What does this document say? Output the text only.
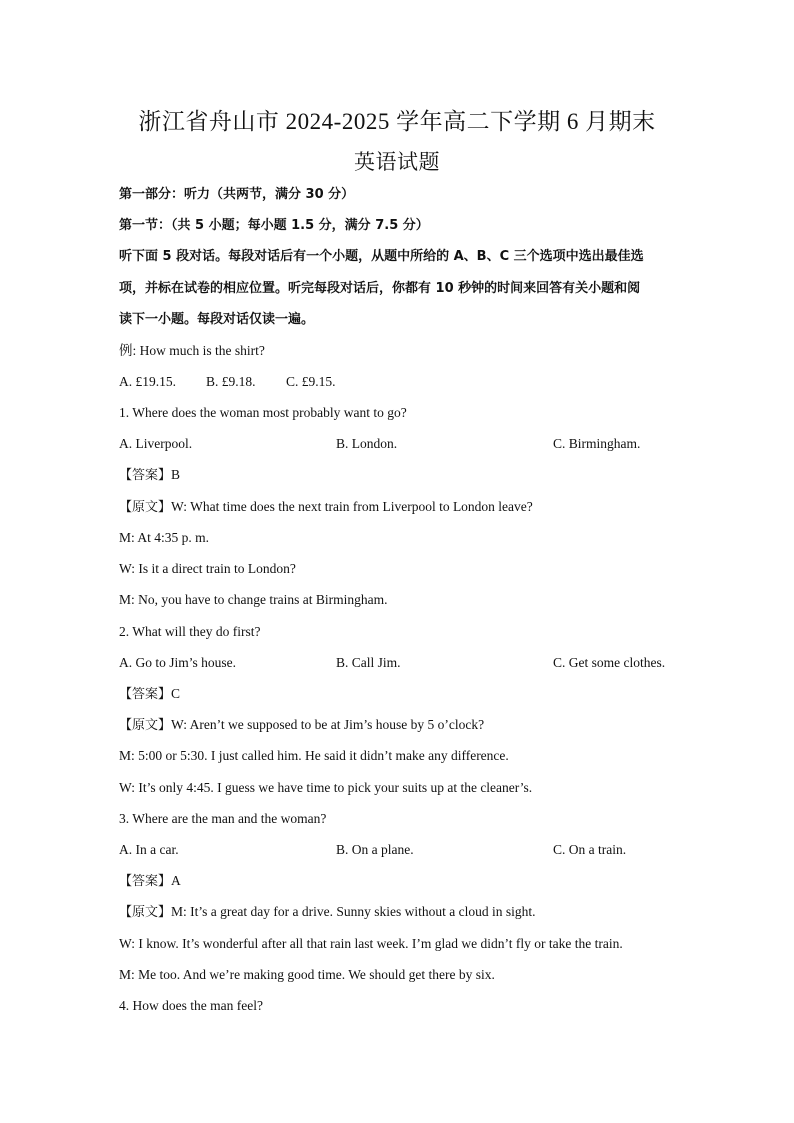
浙江省舟山市 2024-2025 学年高二下学期 6 月期末
英语试题
第一部分：听力（共两节，满分 30 分）
第一节：（共 5 小题；每小题 1.5 分，满分 7.5 分）
听下面 5 段对话。每段对话后有一个小题，从题中所给的 A、B、C 三个选项中选出最佳选
项，并标在试卷的相应位置。听完每段对话后，你都有 10 秒钟的时间来回答有关小题和阅
读下一小题。每段对话仅读一遍。
例: How much is the shirt?
A. £19.15. B. £9.18. C. £9.15.
1. Where does the woman most probably want to go?
A. Liverpool.	B. London.	C. Birmingham.
【答案】B
【原文】W: What time does the next train from Liverpool to London leave?
M: At 4:35 p. m.
W: Is it a direct train to London?
M: No, you have to change trains at Birmingham.
2. What will they do first?
A. Go to Jim’s house.	B. Call Jim.	C. Get some clothes.
【答案】C
【原文】W: Aren’t we supposed to be at Jim’s house by 5 o’clock?
M: 5:00 or 5:30. I just called him. He said it didn’t make any difference.
W: It’s only 4:45. I guess we have time to pick your suits up at the cleaner’s.
3. Where are the man and the woman?
A. In a car.	B. On a plane.	C. On a train.
【答案】A
【原文】M: It’s a great day for a drive. Sunny skies without a cloud in sight.
W: I know. It’s wonderful after all that rain last week. I’m glad we didn’t fly or take the train.
M: Me too. And we’re making good time. We should get there by six.
4. How does the man feel?
